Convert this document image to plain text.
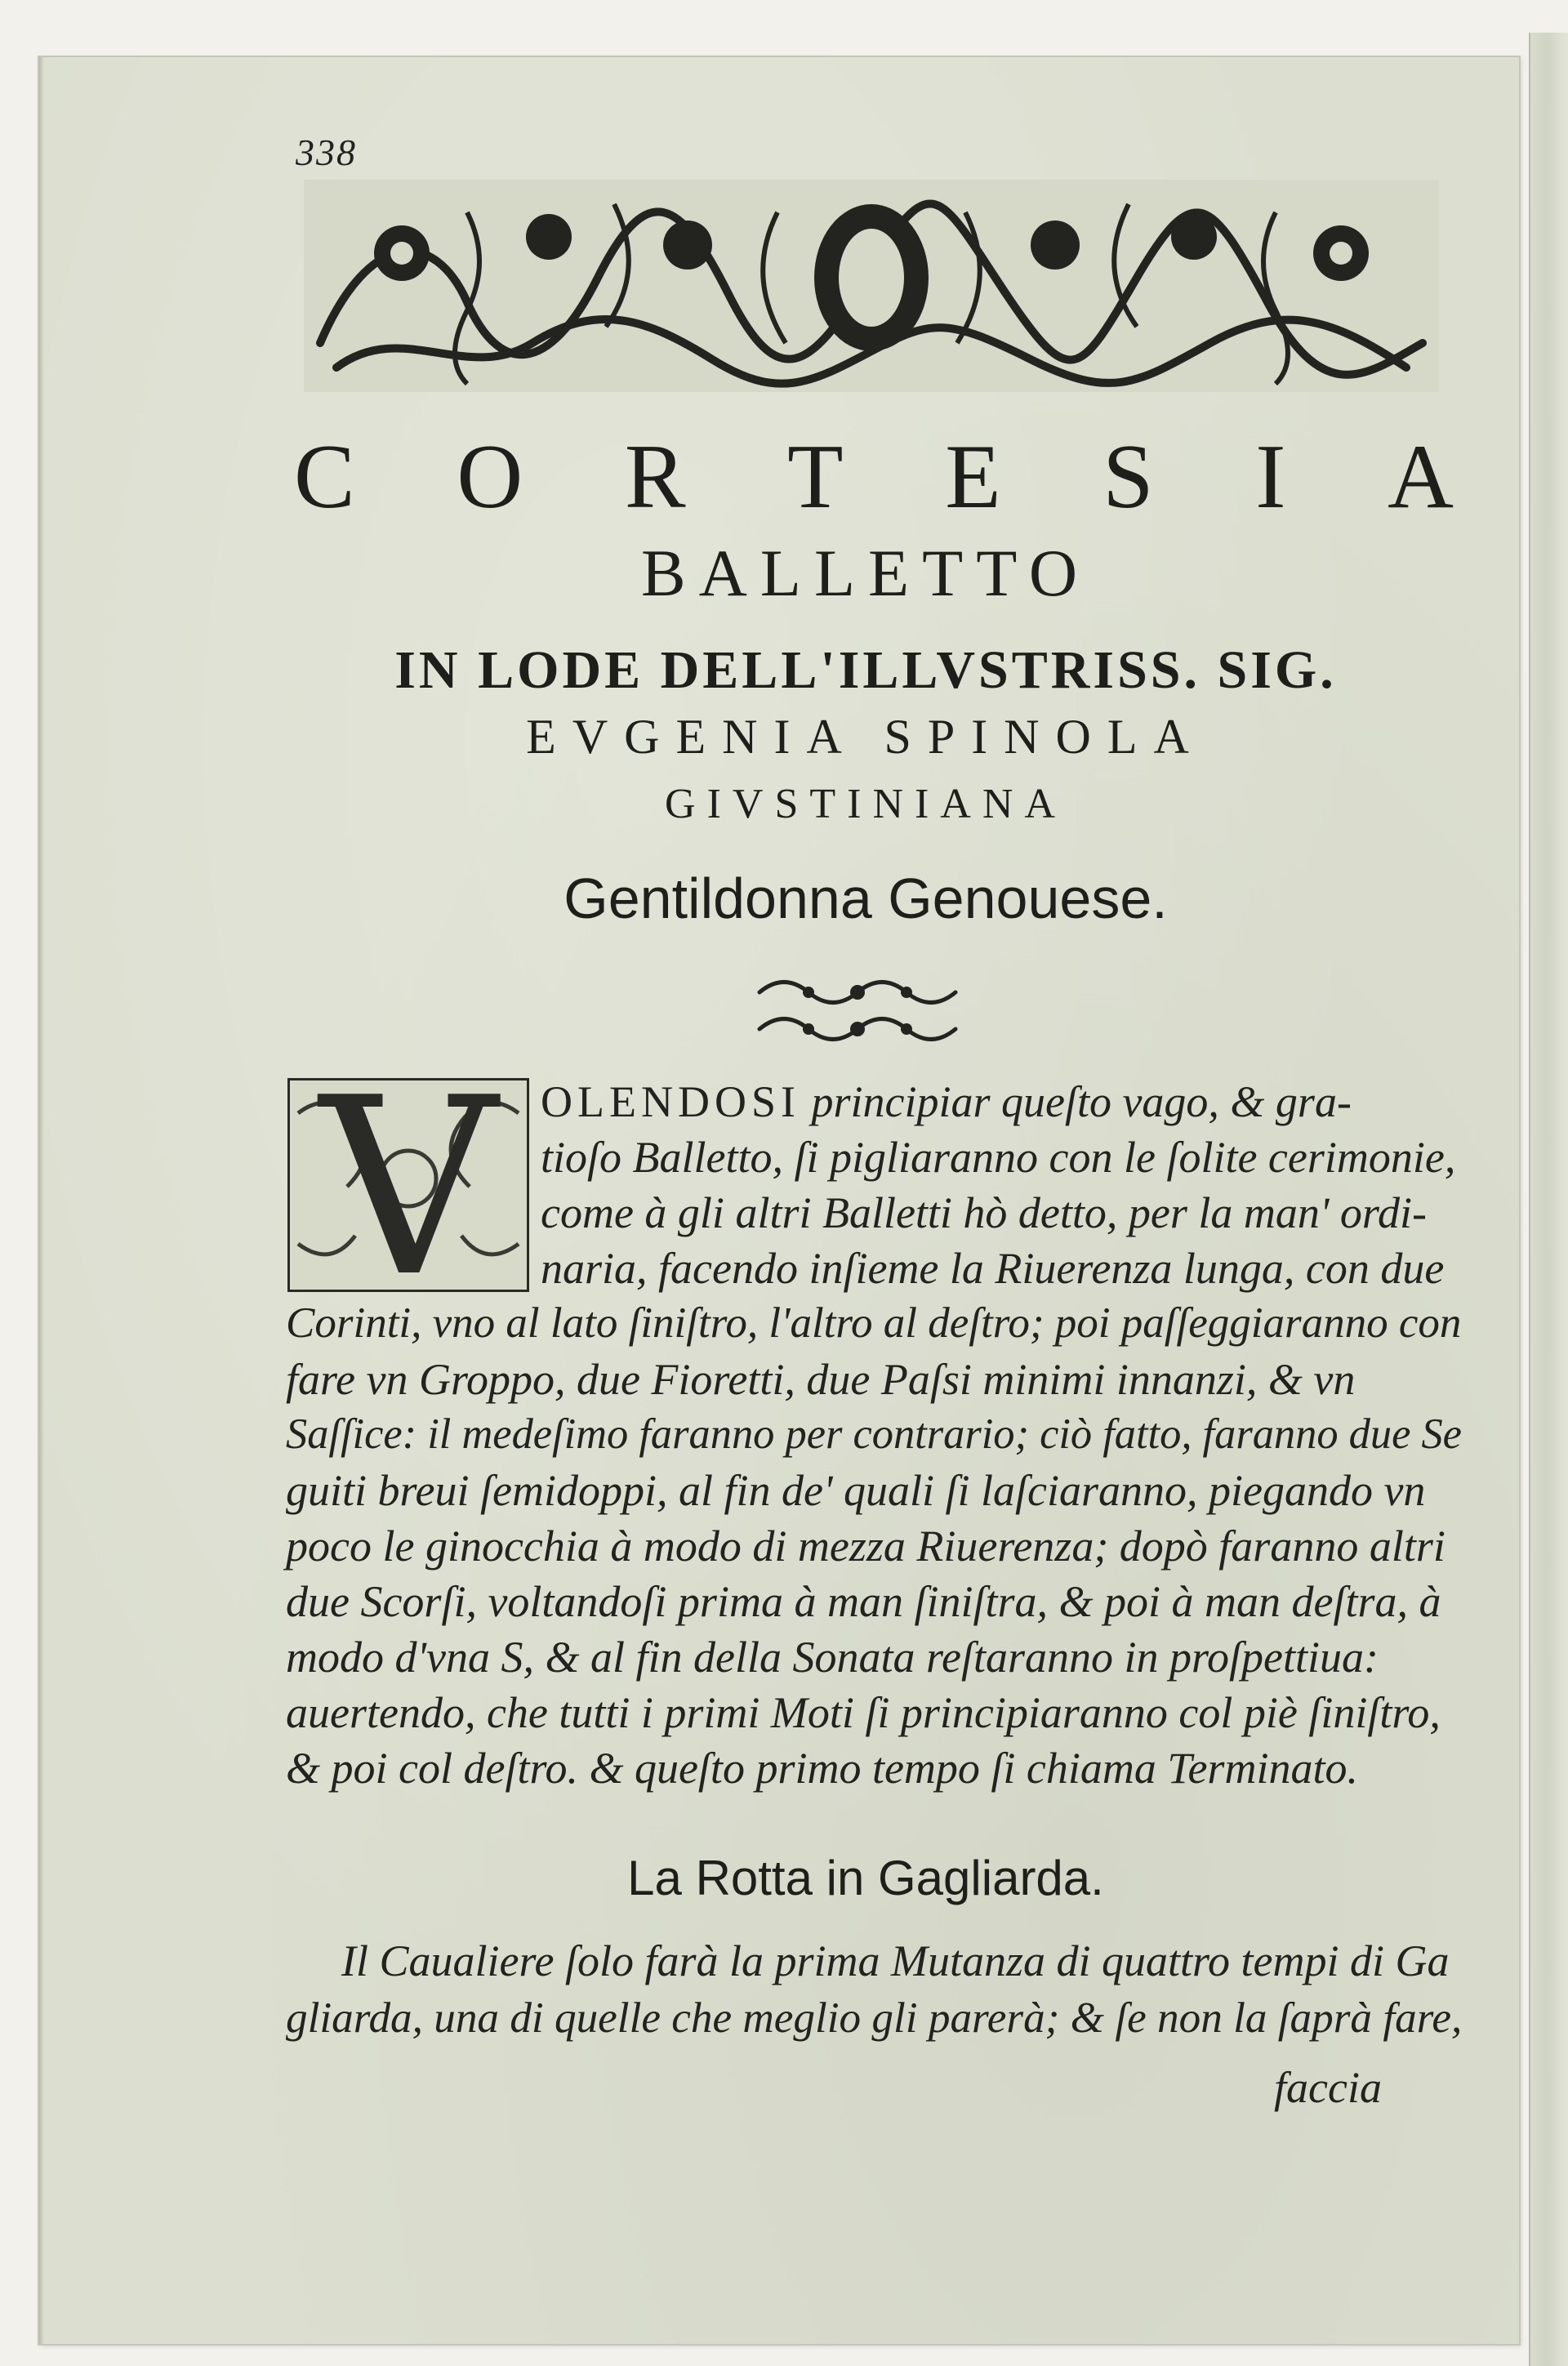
338
C O R T E S I A
BALLETTO
IN LODE DELL'ILLVSTRISS. SIG.
EVGENIA SPINOLA
GIVSTINIANA
Gentildonna Genouese.
V OLENDOSI principiar queſto vago, & gra-
tioſo Balletto, ſi pigliaranno con le ſolite cerimonie,
come à gli altri Balletti hò detto, per la man' ordi-
naria, facendo inſieme la Riuerenza lunga, con due
Corinti, vno al lato ſiniſtro, l'altro al deſtro; poi paſſeggiaranno con
fare vn Groppo, due Fioretti, due Paſsi minimi innanzi, & vn
Saſſice: il medeſimo faranno per contrario; ciò fatto, faranno due Se
guiti breui ſemidoppi, al fin de' quali ſi laſciaranno, piegando vn
poco le ginocchia à modo di mezza Riuerenza; dopò faranno altri
due Scorſi, voltandoſi prima à man ſiniſtra, & poi à man deſtra, à
modo d'vna S, & al fin della Sonata reſtaranno in proſpettiua:
auertendo, che tutti i primi Moti ſi principiaranno col piè ſiniſtro,
& poi col deſtro. & queſto primo tempo ſi chiama Terminato.
La Rotta in Gagliarda.
Il Caualiere ſolo farà la prima Mutanza di quattro tempi di Ga
gliarda, una di quelle che meglio gli parerà; & ſe non la ſaprà fare,
faccia
